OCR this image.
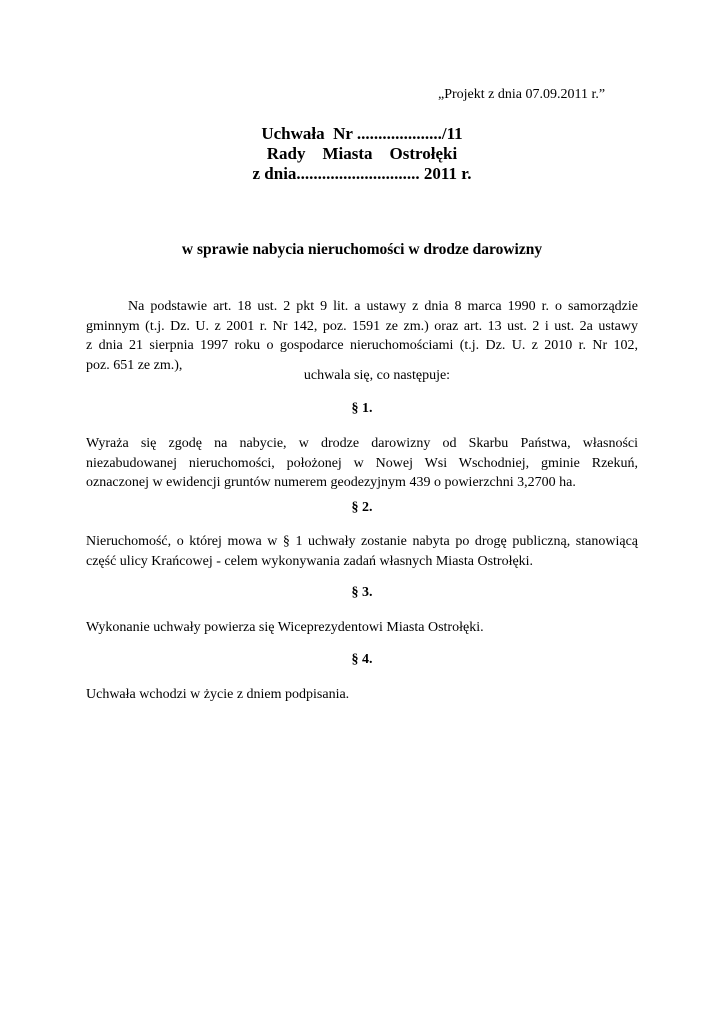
„Projekt z dnia 07.09.2011 r.”
Uchwała  Nr ..................../11
Rady    Miasta    Ostrołęki
z dnia............................. 2011 r.
w sprawie nabycia nieruchomości w drodze darowizny
Na podstawie art. 18 ust. 2 pkt 9 lit. a ustawy z dnia 8 marca 1990 r. o samorządzie
gminnym (t.j. Dz. U. z 2001 r. Nr 142, poz. 1591 ze zm.) oraz art. 13 ust. 2 i ust. 2a ustawy
z dnia 21 sierpnia 1997 roku o gospodarce nieruchomościami (t.j. Dz. U. z 2010 r. Nr 102,
poz. 651 ze zm.),
uchwala się, co następuje:
§ 1.
Wyraża się zgodę na nabycie, w drodze darowizny od Skarbu Państwa, własności
niezabudowanej nieruchomości, położonej w Nowej Wsi Wschodniej, gminie Rzekuń,
oznaczonej w ewidencji gruntów numerem geodezyjnym 439 o powierzchni 3,2700 ha.
§ 2.
Nieruchomość, o której mowa w § 1 uchwały zostanie nabyta po drogę publiczną, stanowiącą
część ulicy Krańcowej - celem wykonywania zadań własnych Miasta Ostrołęki.
§ 3.
Wykonanie uchwały powierza się Wiceprezydentowi Miasta Ostrołęki.
§ 4.
Uchwała wchodzi w życie z dniem podpisania.
